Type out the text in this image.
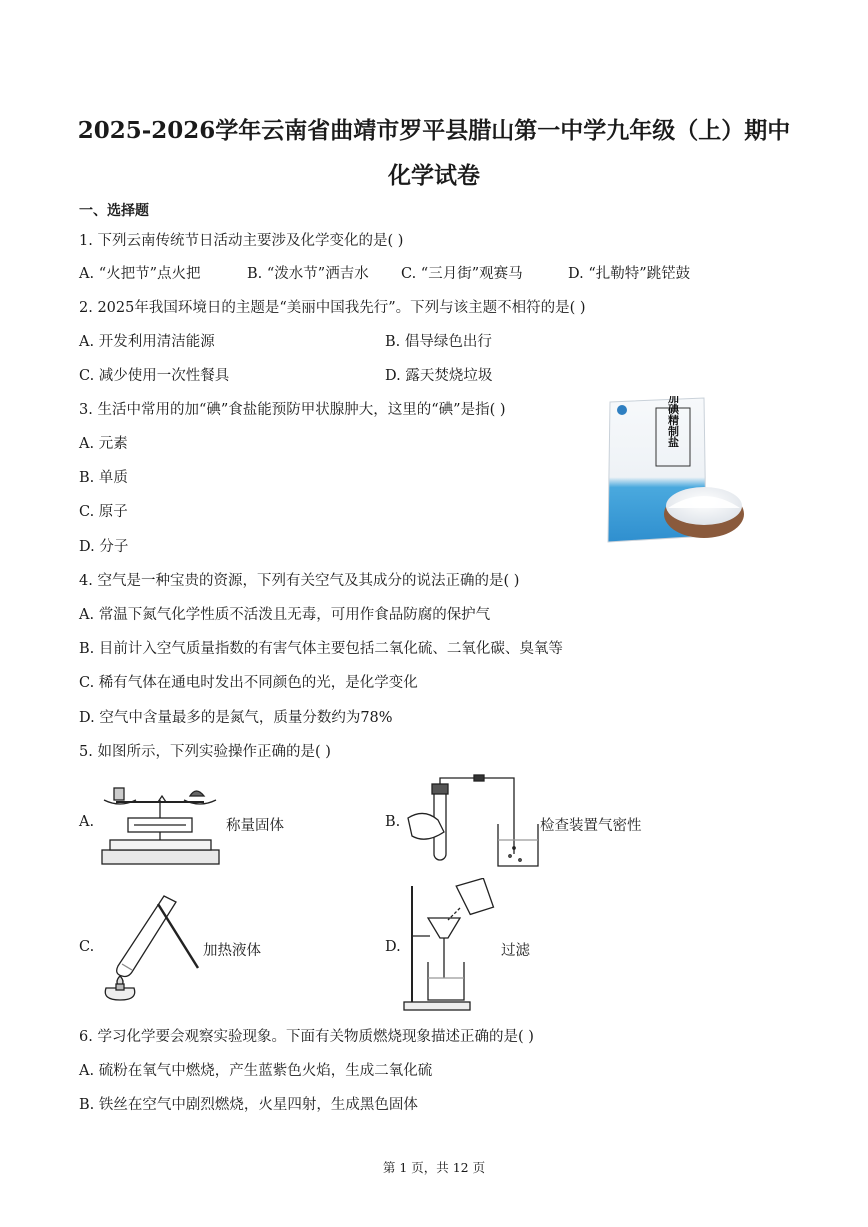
2025-2026学年云南省曲靖市罗平县腊山第一中学九年级（上）期中
化学试卷
一、选择题
1. 下列云南传统节日活动主要涉及化学变化的是( )
A. “火把节”点火把	B. “泼水节”洒吉水 C. “三月街”观赛马	D. “扎勒特”跳铓鼓
2. 2025年我国环境日的主题是“美丽中国我先行”。下列与该主题不相符的是( )
A. 开发利用清洁能源	B. 倡导绿色出行
C. 减少使用一次性餐具	D. 露天焚烧垃圾
3. 生活中常用的加“碘”食盐能预防甲状腺肿大，这里的“碘”是指( )
A. 元素
B. 单质
C. 原子
D. 分子
加碘精制盐
4. 空气是一种宝贵的资源，下列有关空气及其成分的说法正确的是( )
A. 常温下氮气化学性质不活泼且无毒，可用作食品防腐的保护气
B. 目前计入空气质量指数的有害气体主要包括二氧化硫、二氧化碳、臭氧等
C. 稀有气体在通电时发出不同颜色的光，是化学变化
D. 空气中含量最多的是氮气，质量分数约为78%
5. 如图所示，下列实验操作正确的是( )
A.	称量固体	B.	检查装置气密性
C.	加热液体	D.	过滤
6. 学习化学要会观察实验现象。下面有关物质燃烧现象描述正确的是( )
A. 硫粉在氧气中燃烧，产生蓝紫色火焰，生成二氧化硫
B. 铁丝在空气中剧烈燃烧，火星四射，生成黑色固体
第 1 页，共 12 页
